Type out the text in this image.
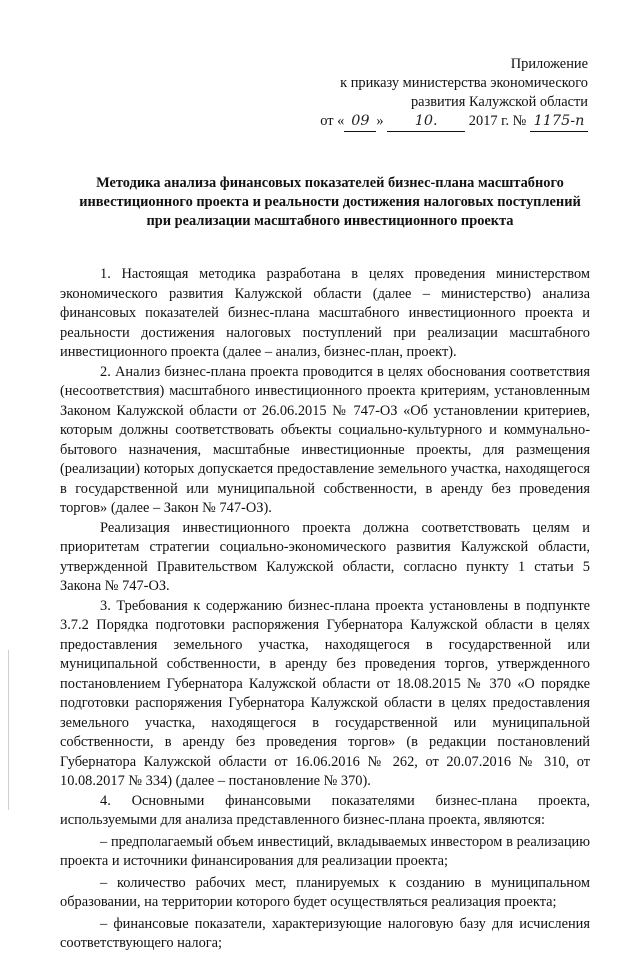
Приложение
к приказу министерства экономического
развития Калужской области
от « 09 » 10. 2017 г. № 1175-п
Методика анализа финансовых показателей бизнес-плана масштабного инвестиционного проекта и реальности достижения налоговых поступлений при реализации масштабного инвестиционного проекта

1. Настоящая методика разработана в целях проведения министерством экономического развития Калужской области (далее – министерство) анализа финансовых показателей бизнес-плана масштабного инвестиционного проекта и реальности достижения налоговых поступлений при реализации масштабного инвестиционного проекта (далее – анализ, бизнес-план, проект).

2. Анализ бизнес-плана проекта проводится в целях обоснования соответствия (несоответствия) масштабного инвестиционного проекта критериям, установленным Законом Калужской области от 26.06.2015 № 747-ОЗ «Об установлении критериев, которым должны соответствовать объекты социально-культурного и коммунально-бытового назначения, масштабные инвестиционные проекты, для размещения (реализации) которых допускается предоставление земельного участка, находящегося в государственной или муниципальной собственности, в аренду без проведения торгов» (далее – Закон № 747-ОЗ).

Реализация инвестиционного проекта должна соответствовать целям и приоритетам стратегии социально-экономического развития Калужской области, утвержденной Правительством Калужской области, согласно пункту 1 статьи 5 Закона № 747-ОЗ.

3. Требования к содержанию бизнес-плана проекта установлены в подпункте 3.7.2 Порядка подготовки распоряжения Губернатора Калужской области в целях предоставления земельного участка, находящегося в государственной или муниципальной собственности, в аренду без проведения торгов, утвержденного постановлением Губернатора Калужской области от 18.08.2015 № 370 «О порядке подготовки распоряжения Губернатора Калужской области в целях предоставления земельного участка, находящегося в государственной или муниципальной собственности, в аренду без проведения торгов» (в редакции постановлений Губернатора Калужской области от 16.06.2016 № 262, от 20.07.2016 № 310, от 10.08.2017 № 334) (далее – постановление № 370).

4. Основными финансовыми показателями бизнес-плана проекта, используемыми для анализа представленного бизнес-плана проекта, являются:

– предполагаемый объем инвестиций, вкладываемых инвестором в реализацию проекта и источники финансирования для реализации проекта;

– количество рабочих мест, планируемых к созданию в муниципальном образовании, на территории которого будет осуществляться реализация проекта;

– финансовые показатели, характеризующие налоговую базу для исчисления соответствующего налога;
